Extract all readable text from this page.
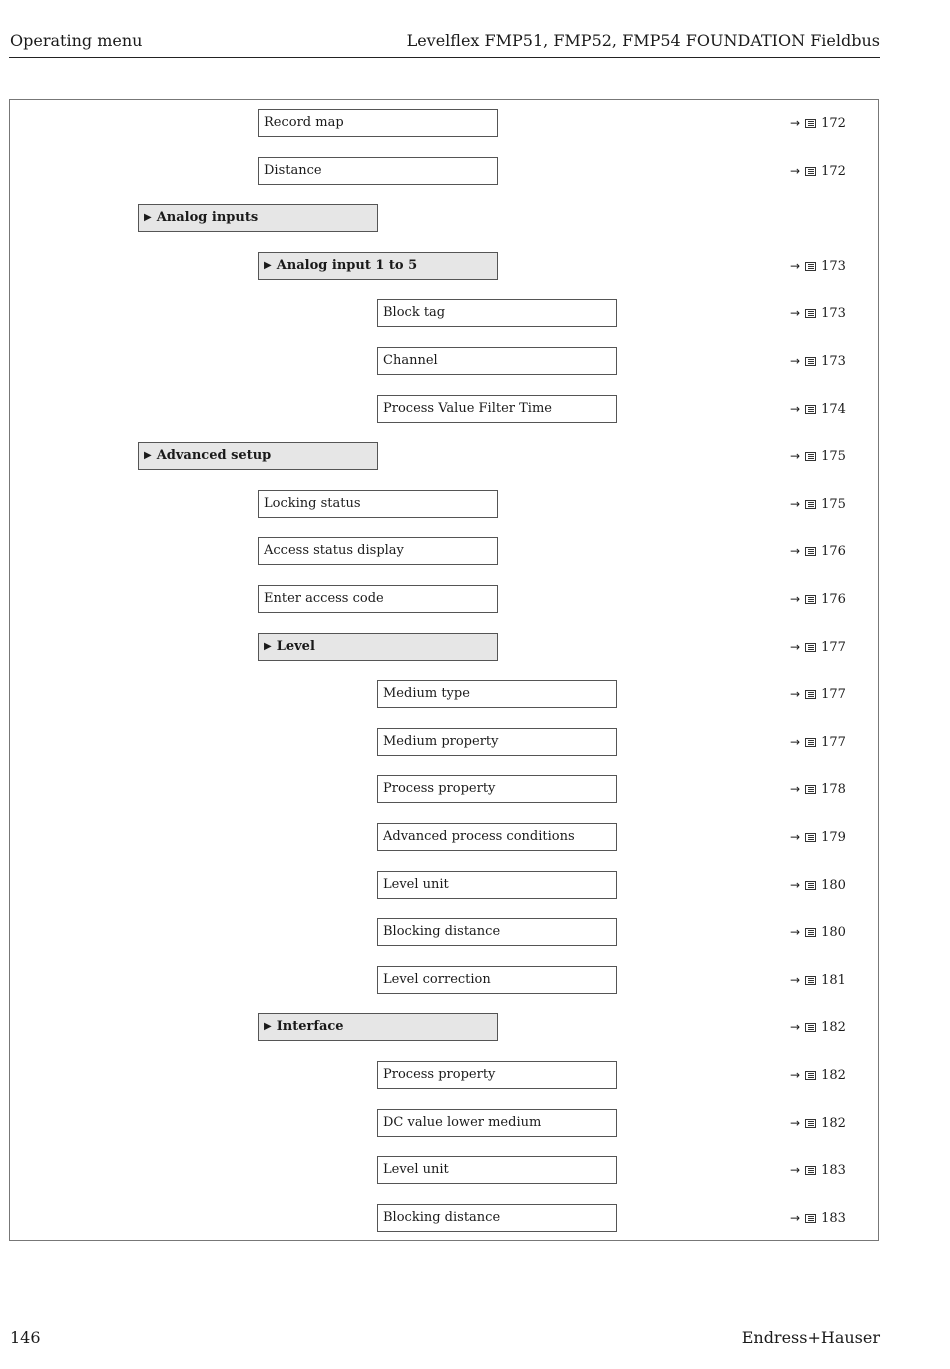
Operating menu	Levelflex FMP51, FMP52, FMP54 FOUNDATION Fieldbus
Record map	→ 172
Distance	→ 172
▶ Analog inputs
▶ Analog input 1 to 5	→ 173
Block tag	→ 173
Channel	→ 173
Process Value Filter Time	→ 174
▶ Advanced setup	→ 175
Locking status	→ 175
Access status display	→ 176
Enter access code	→ 176
▶ Level	→ 177
Medium type	→ 177
Medium property	→ 177
Process property	→ 178
Advanced process conditions	→ 179
Level unit	→ 180
Blocking distance	→ 180
Level correction	→ 181
▶ Interface	→ 182
Process property	→ 182
DC value lower medium	→ 182
Level unit	→ 183
Blocking distance	→ 183
146	Endress+Hauser
